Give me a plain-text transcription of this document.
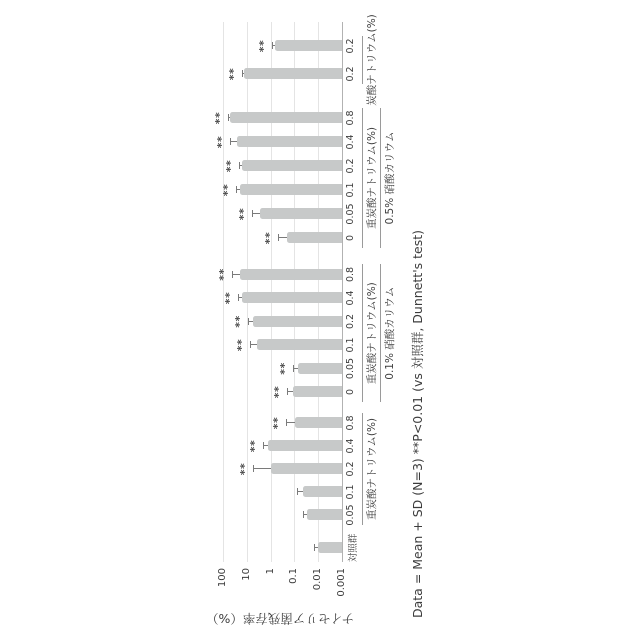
ナイセリア菌残存率（%）
Data = Mean + SD (N=3) **P<0.01 (vs 対照群, Dunnett's test)
100 10 1 0.1 0.01 0.001
対照群
0.05
0.1
**	0.2
**	0.4
**	0.8 重炭酸ナトリウム(%)
**	0
**	0.05
**	0.1
**	0.2
**	0.4
**	0.8
重炭酸ナトリウム(%) 0.1% 硝酸カリウム
**	0
**	0.05
**	0.1
**	0.2
**	0.4
**	0.8
重炭酸ナトリウム(%) 0.5% 硝酸カリウム
**	0.2
**	0.2 炭酸ナトリウム(%)
